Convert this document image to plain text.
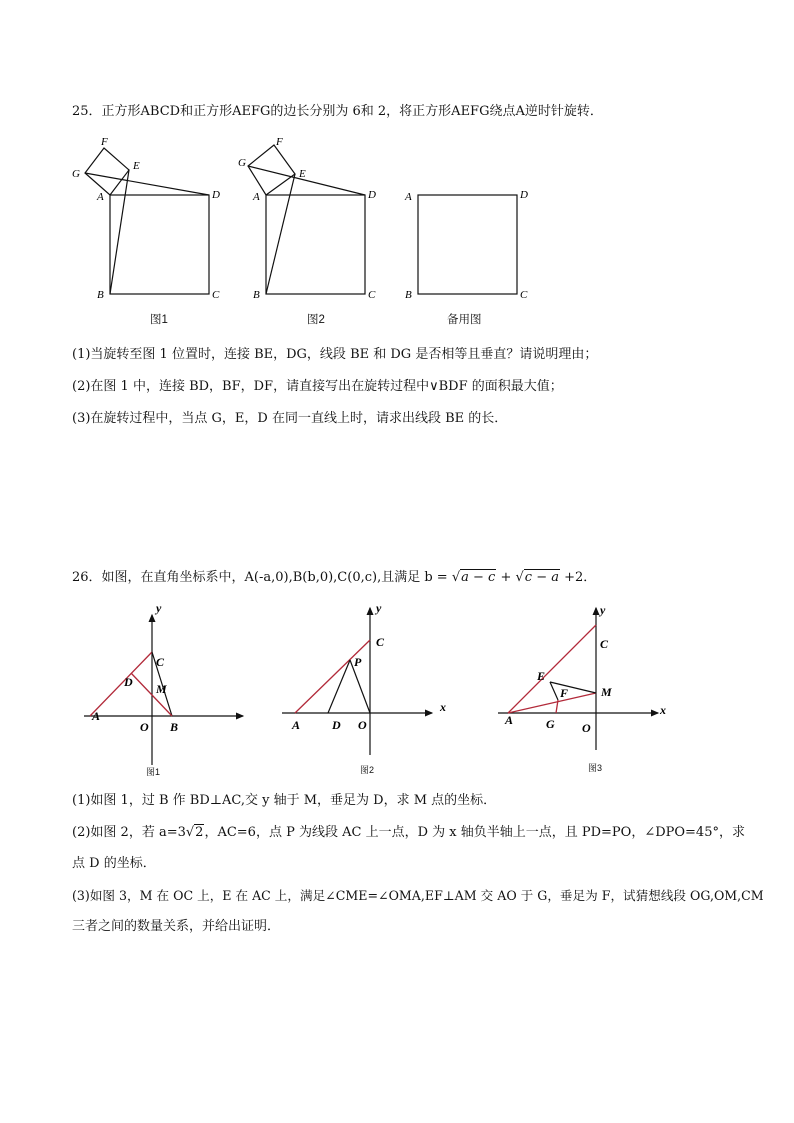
25．正方形ABCD和正方形AEFG的边长分别为 6和 2，将正方形AEFG绕点A逆时针旋转．
A
B	C
D
E
F
G
图1
A
B	C
D
E
F
G
图2
A
B	C
D
备用图
(1)当旋转至图 1 位置时，连接 BE，DG，线段 BE 和 DG 是否相等且垂直？请说明理由；
(2)在图 1 中，连接 BD，BF，DF，请直接写出在旋转过程中∨BDF 的面积最大值；
(3)在旋转过程中，当点 G，E，D 在同一直线上时，请求出线段 BE 的长．
26．如图，在直角坐标系中，A(-a,0),B(b,0),C(0,c),且满足 b = √a − c + √c − a +2．
y
C
D M
A
O B
图1
y
x
C
P
A	D O
图2
y
x
C
E
F	M
A	G O
图3
(1)如图 1，过 B 作 BD⊥AC,交 y 轴于 M，垂足为 D，求 M 点的坐标．
(2)如图 2，若 a=3√2，AC=6，点 P 为线段 AC 上一点，D 为 x 轴负半轴上一点，且 PD=PO，∠DPO=45°，求
点 D 的坐标．
(3)如图 3，M 在 OC 上，E 在 AC 上，满足∠CME=∠OMA,EF⊥AM 交 AO 于 G，垂足为 F，试猜想线段 OG,OM,CM
三者之间的数量关系，并给出证明．
